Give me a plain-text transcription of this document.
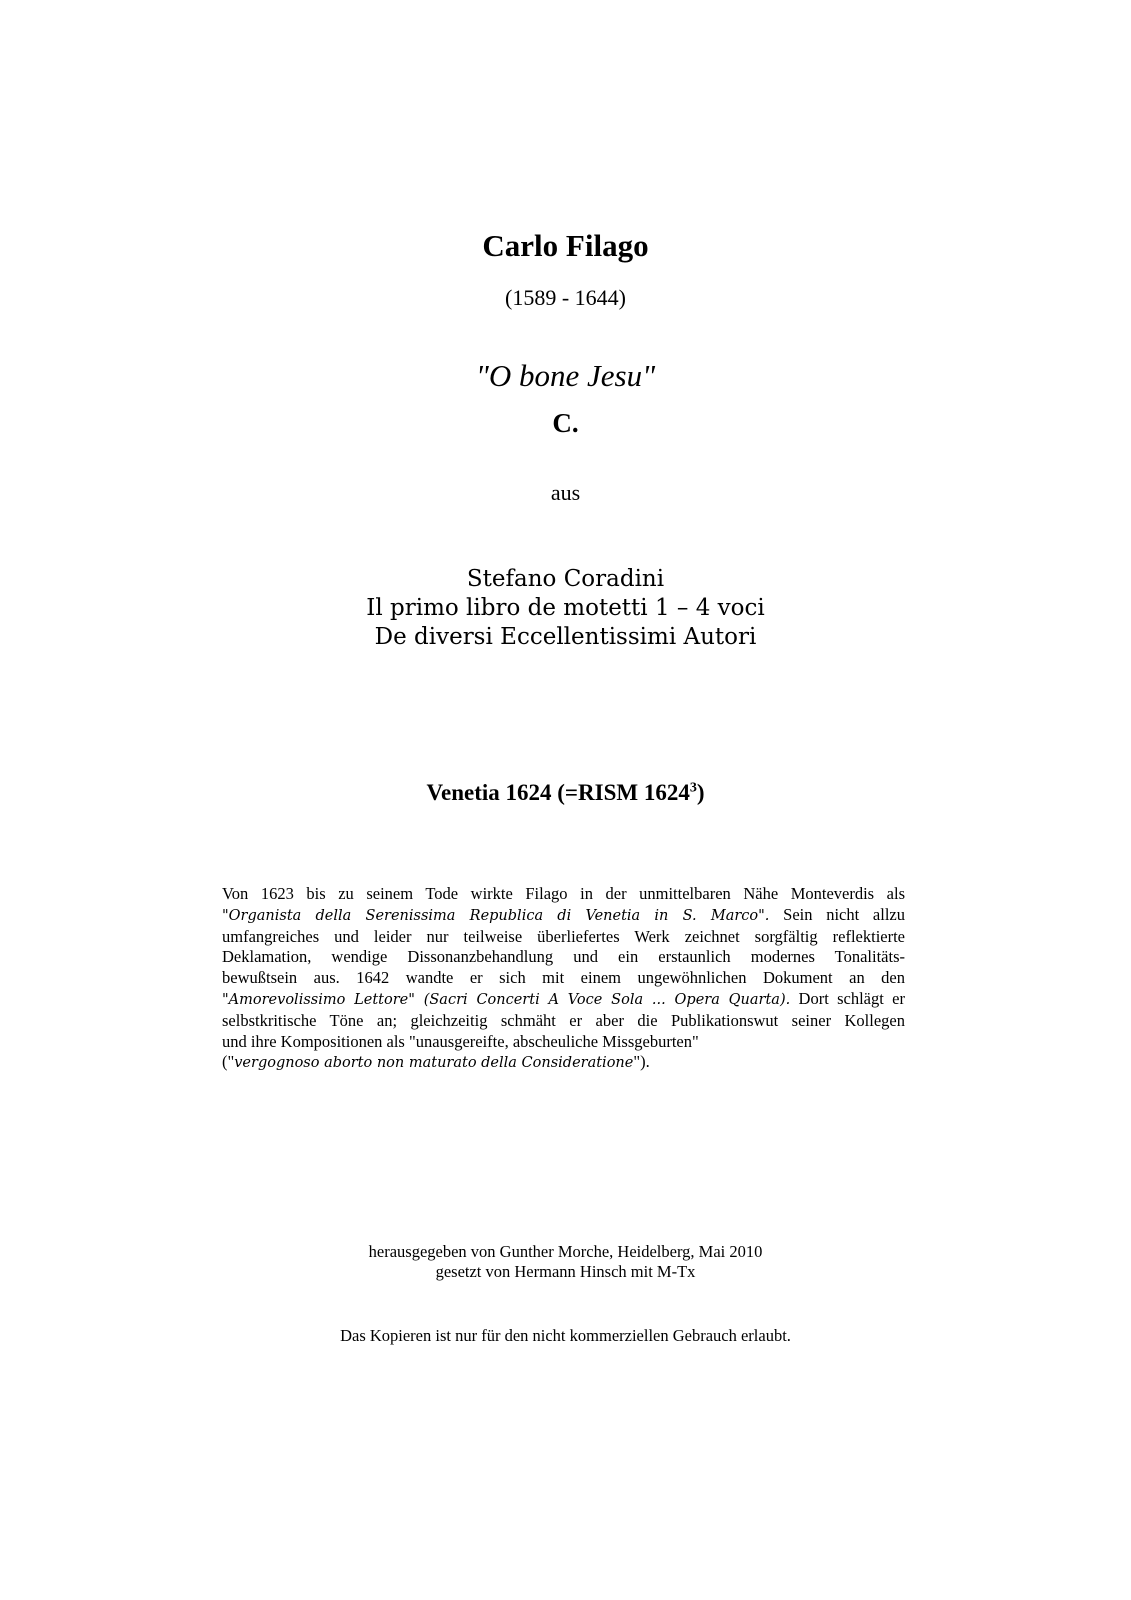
Carlo Filago
(1589 - 1644)
"O bone Jesu"
C.
aus
Stefano Coradini
Il primo libro de motetti 1 – 4 voci
De diversi Eccellentissimi Autori
Venetia 1624 (=RISM 1624$^3$)
Von 1623 bis zu seinem Tode wirkte Filago in der unmittelbaren Nähe Monteverdis als
"Organista della Serenissima Republica di Venetia in S. Marco". Sein nicht allzu
umfangreiches und leider nur teilweise überliefertes Werk zeichnet sorgfältig reflektierte
Deklamation, wendige Dissonanzbehandlung und ein erstaunlich modernes Tonalitäts-
bewußtsein aus. 1642 wandte er sich mit einem ungewöhnlichen Dokument an den
"Amorevolissimo Lettore" (Sacri Concerti A Voce Sola ... Opera Quarta). Dort schlägt er
selbstkritische Töne an; gleichzeitig schmäht er aber die Publikationswut seiner Kollegen
und ihre Kompositionen als "unausgereifte, abscheuliche Missgeburten"
("vergognoso aborto non maturato della Consideratione").
herausgegeben von Gunther Morche, Heidelberg, Mai 2010
gesetzt von Hermann Hinsch mit M-Tx
Das Kopieren ist nur für den nicht kommerziellen Gebrauch erlaubt.
